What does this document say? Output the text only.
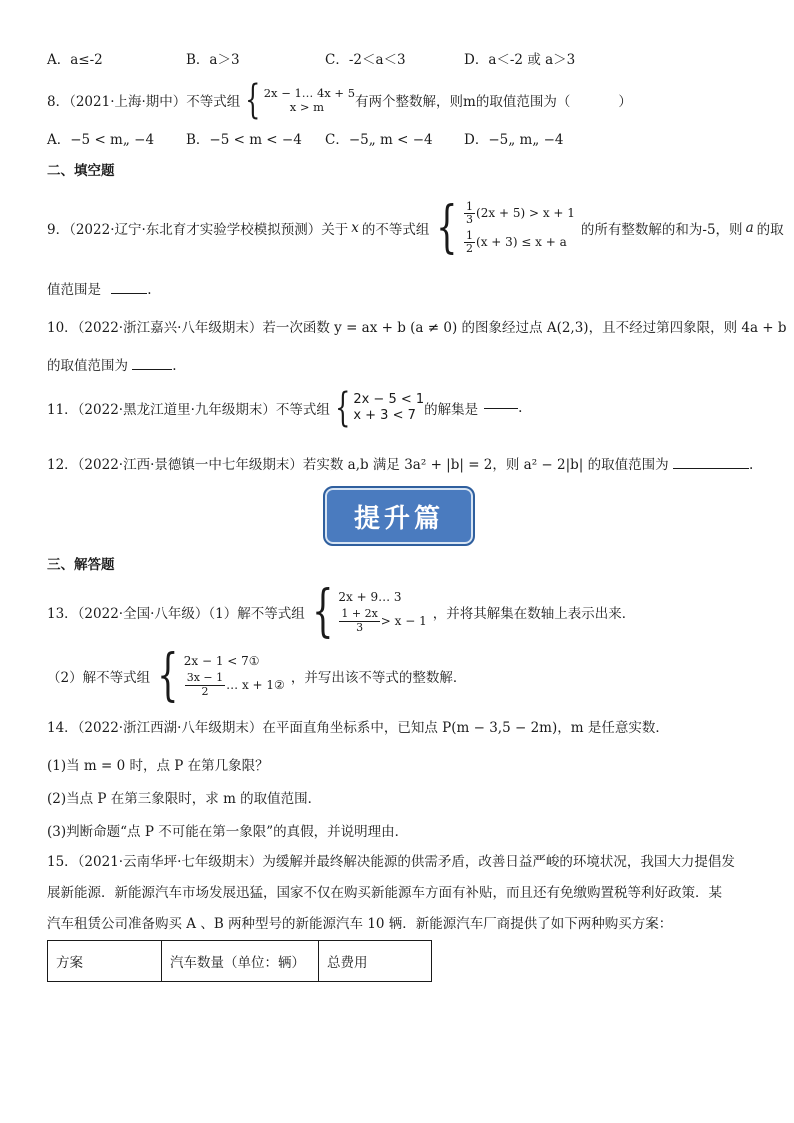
A．a≤-2	B．a＞3	C．-2＜a＜3	D．a＜-2 或 a＞3
8．（2021·上海·期中）不等式组 { 2x − 1… 4x + 5
x > m	有两个整数解，则m的取值范围为（	）
A．−5 < m„ −4	B．−5 < m < −4	C．−5„ m < −4	D．−5„ m„ −4
二、填空题
9．（2022·辽宁·东北育才实验学校模拟预测）关于 x 的不等式组 { $\frac{1}{3} (2x + 5) > x + 1$
$\frac{1}{2} (x + 3) \le x + a$
的所有整数解的和为-5，则 a 的取
值范围是	.
10．（2022·浙江嘉兴·八年级期末）若一次函数 y = ax + b (a ≠ 0) 的图象经过点 A(2,3)，且不经过第四象限，则 4a + b
的取值范围为	.
11．（2022·黑龙江道里·九年级期末）不等式组 { 2x − 5 < 1
x + 3 < 7 的解集是	.
12．（2022·江西·景德镇一中七年级期末）若实数 a,b 满足 3a² + |b| = 2，则 a² − 2|b| 的取值范围为	.
提升篇
三、解答题
13．（2022·全国·八年级）（1）解不等式组 { 2x + 9… 3
$\frac{1 + 2x}{3} > x - 1$ ，并将其解集在数轴上表示出来．
（2）解不等式组 { 2x − 1 < 7①
$\frac{3x - 1}{2}$ … x + 1② ，并写出该不等式的整数解．
14．（2022·浙江西湖·八年级期末）在平面直角坐标系中，已知点 P(m − 3,5 − 2m)，m 是任意实数．
(1)当 m = 0 时，点 P 在第几象限？
(2)当点 P 在第三象限时，求 m 的取值范围．
(3)判断命题“点 P 不可能在第一象限”的真假，并说明理由．
15．（2021·云南华坪·七年级期末）为缓解并最终解决能源的供需矛盾，改善日益严峻的环境状况，我国大力提倡发
展新能源．新能源汽车市场发展迅猛，国家不仅在购买新能源车方面有补贴，而且还有免缴购置税等利好政策．某
汽车租赁公司准备购买 A 、B 两种型号的新能源汽车 10 辆．新能源汽车厂商提供了如下两种购买方案：
方案	汽车数量（单位：辆）	总费用
